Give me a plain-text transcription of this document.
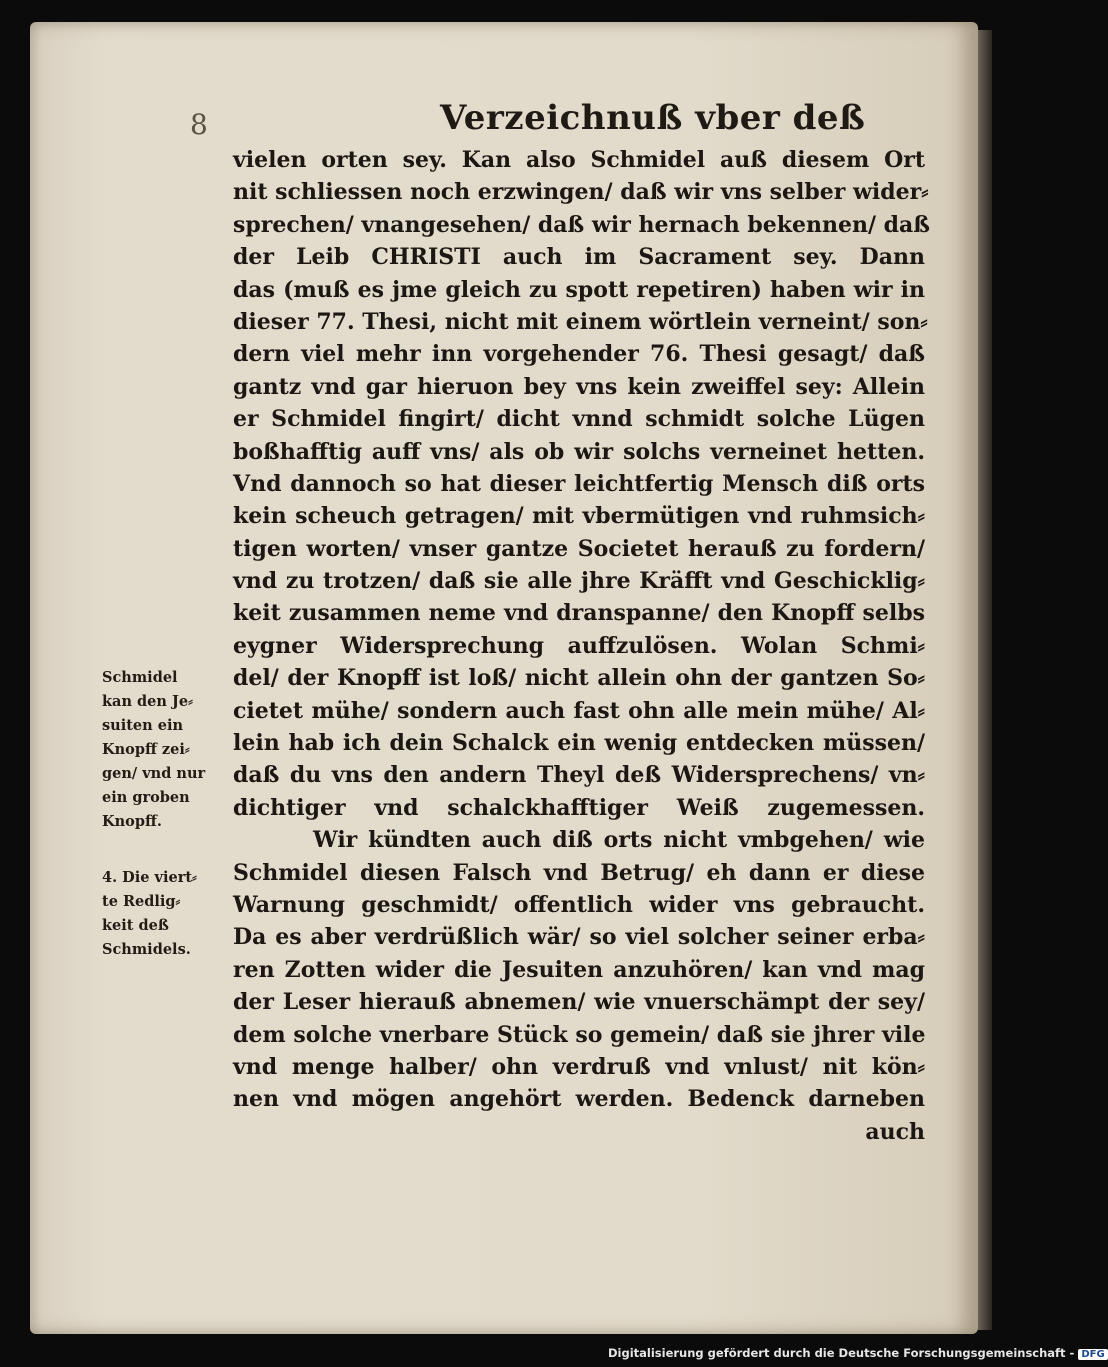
8	Verzeichnuß vber deß
vielen orten sey. Kan also Schmidel auß diesem Ort
nit schliessen noch erzwingen/ daß wir vns selber wider⸗
sprechen/ vnangesehen/ daß wir hernach bekennen/ daß
der Leib CHRISTI auch im Sacrament sey. Dann
das (muß es jme gleich zu spott repetiren) haben wir in
dieser 77. Thesi, nicht mit einem wörtlein verneint/ son⸗
dern viel mehr inn vorgehender 76. Thesi gesagt/ daß
gantz vnd gar hieruon bey vns kein zweiffel sey: Allein
er Schmidel fingirt/ dicht vnnd schmidt solche Lügen
boßhafftig auff vns/ als ob wir solchs verneinet hetten.
Vnd dannoch so hat dieser leichtfertig Mensch diß orts
kein scheuch getragen/ mit vbermütigen vnd ruhmsich⸗
tigen worten/ vnser gantze Societet herauß zu fordern/
vnd zu trotzen/ daß sie alle jhre Kräfft vnd Geschicklig⸗
keit zusammen neme vnd dranspanne/ den Knopff selbs
eygner Widersprechung auffzulösen. Wolan Schmi⸗
del/ der Knopff ist loß/ nicht allein ohn der gantzen So⸗
cietet mühe/ sondern auch fast ohn alle mein mühe/ Al⸗
lein hab ich dein Schalck ein wenig entdecken müssen/
daß du vns den andern Theyl deß Widersprechens/ vn⸗
dichtiger vnd schalckhafftiger Weiß zugemessen.
Wir kündten auch diß orts nicht vmbgehen/ wie
Schmidel diesen Falsch vnd Betrug/ eh dann er diese
Warnung geschmidt/ offentlich wider vns gebraucht.
Da es aber verdrüßlich wär/ so viel solcher seiner erba⸗
ren Zotten wider die Jesuiten anzuhören/ kan vnd mag
der Leser hierauß abnemen/ wie vnuerschämpt der sey/
dem solche vnerbare Stück so gemein/ daß sie jhrer vile
vnd menge halber/ ohn verdruß vnd vnlust/ nit kön⸗
nen vnd mögen angehört werden. Bedenck darneben
auch
Schmidel
kan den Je⸗
suiten ein
Knopff zei⸗
gen/ vnd nur
ein groben
Knopff.
4. Die viert⸗
te Redlig⸗
keit deß
Schmidels.
Digitalisierung gefördert durch die Deutsche Forschungsgemeinschaft - DFG
